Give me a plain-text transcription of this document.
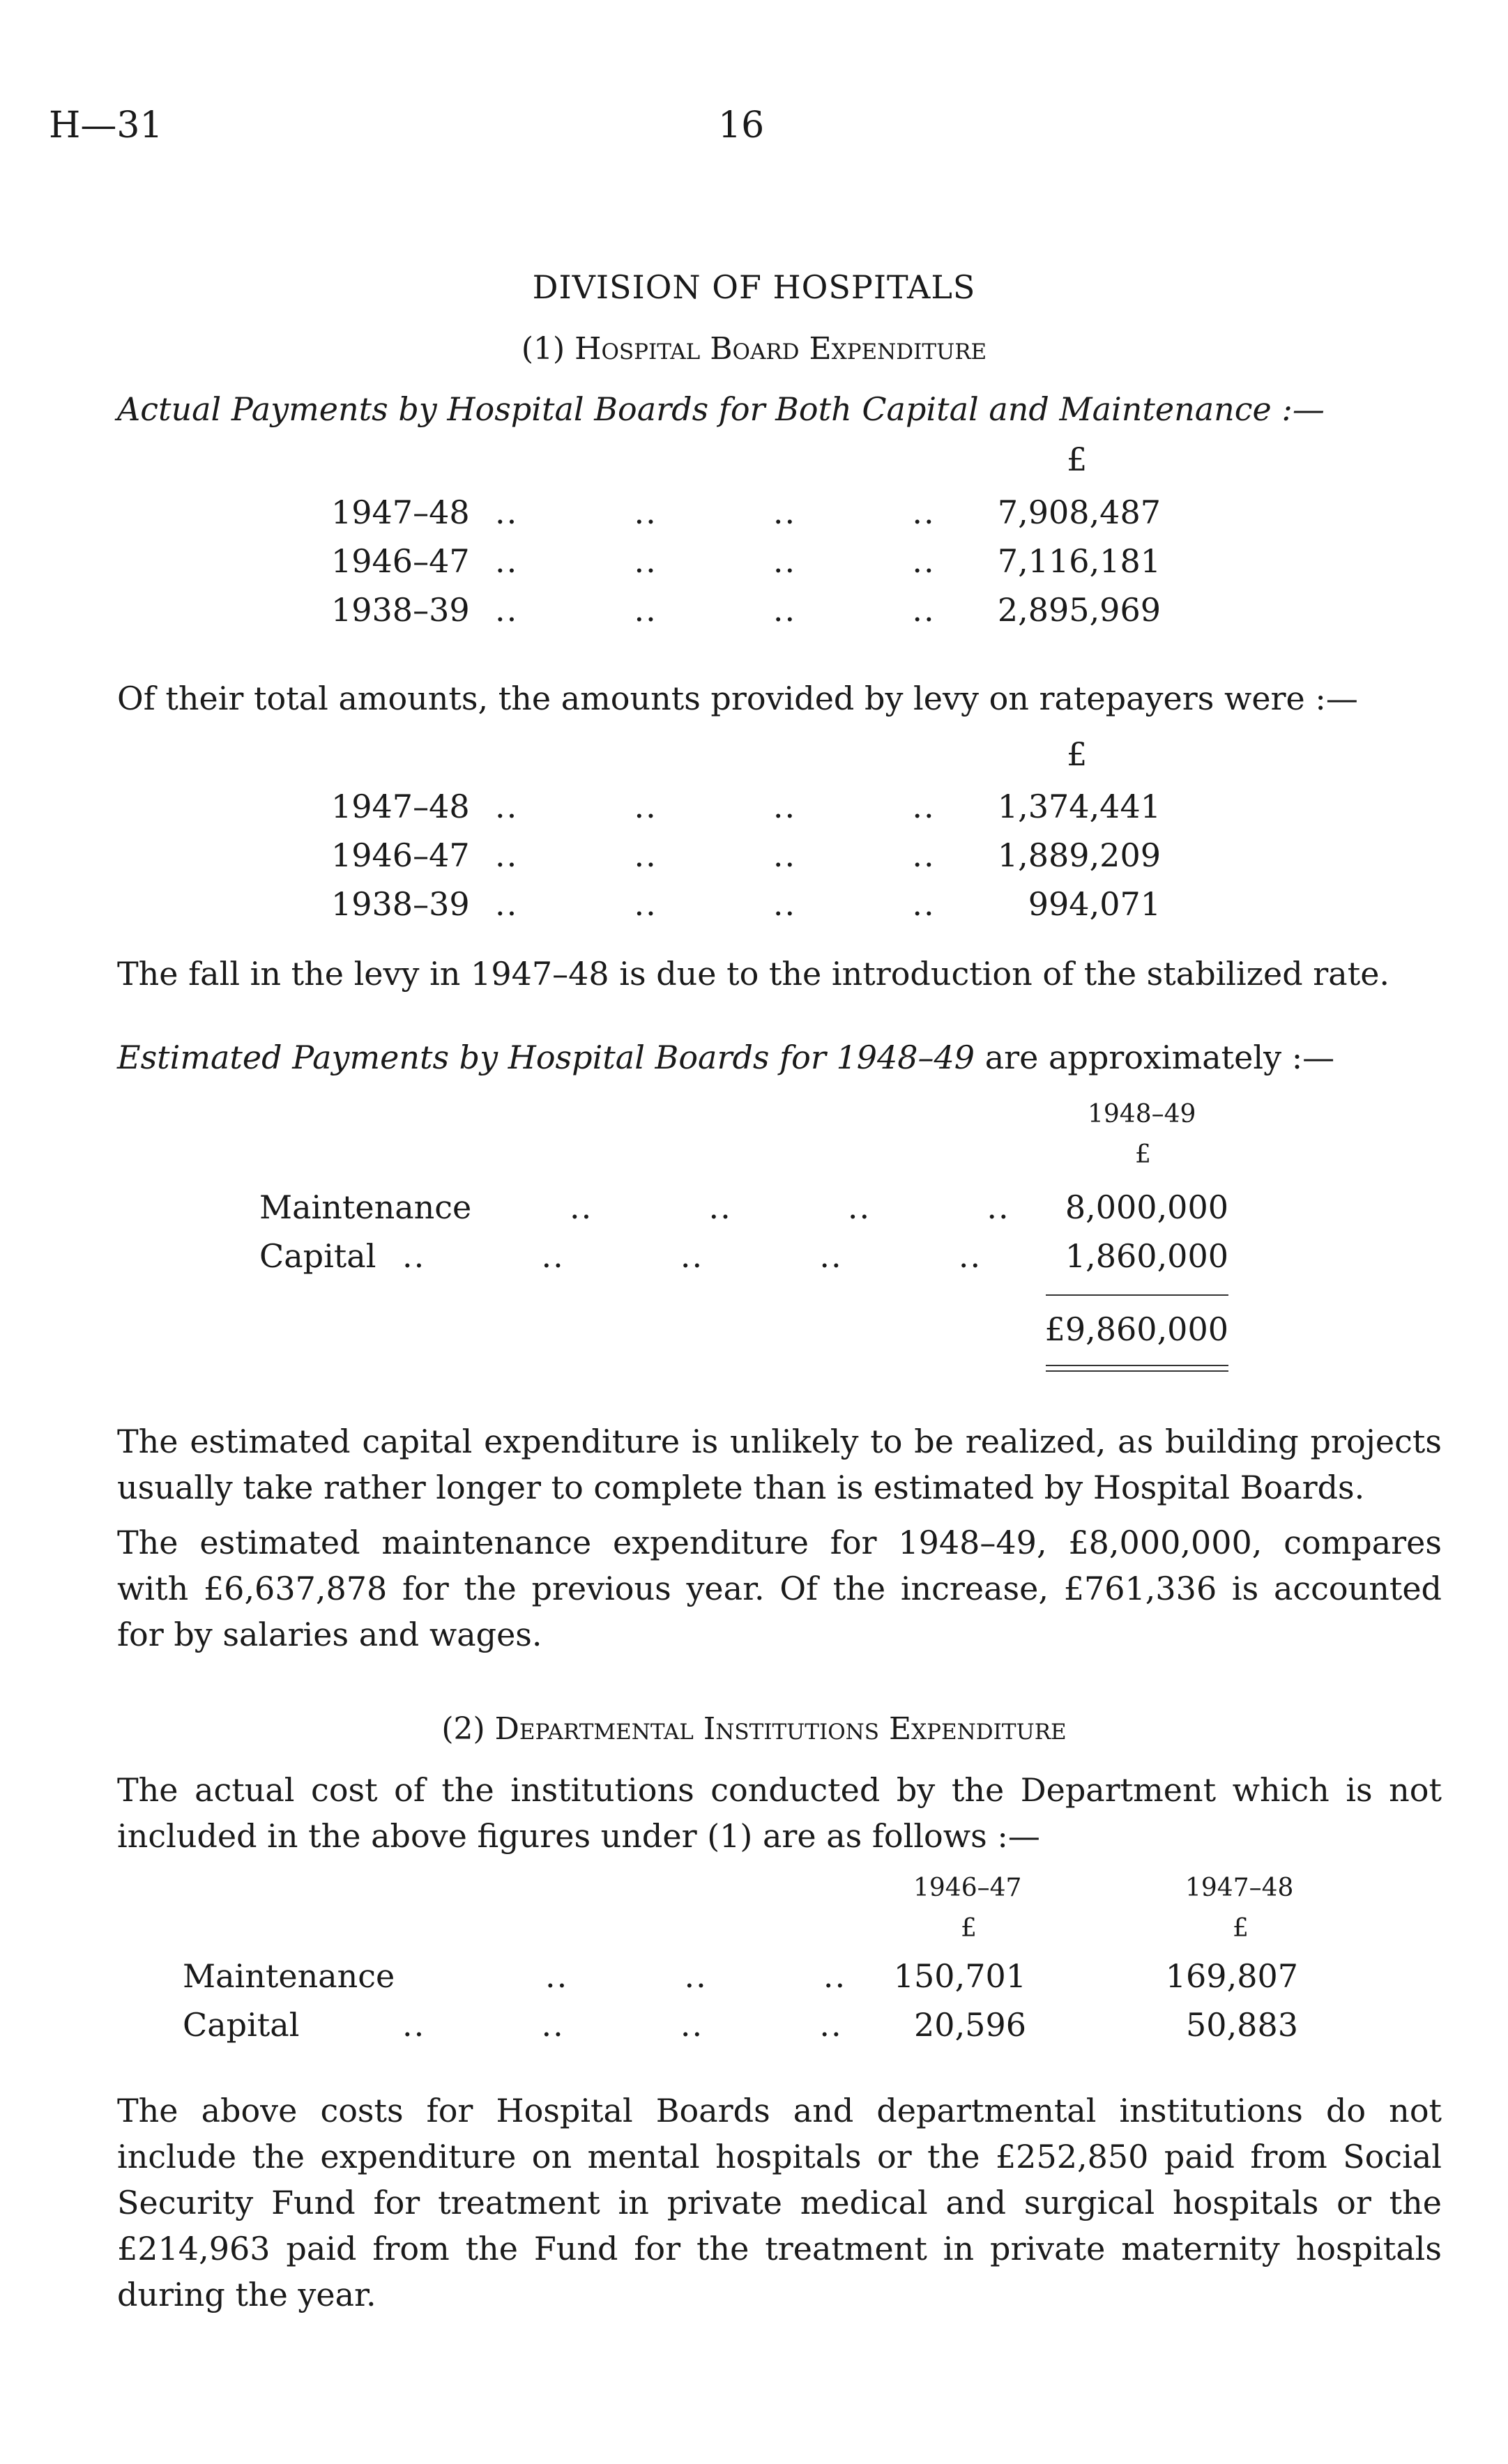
H—31	16
DIVISION OF HOSPITALS
(1) Hospital Board Expenditure
Actual Payments by Hospital Boards for Both Capital and Maintenance :—
£
1947–48 ..          ..          ..          .. 7,908,487
1946–47 ..          ..          ..          .. 7,116,181
1938–39 ..          ..          ..          .. 2,895,969
Of their total amounts, the amounts provided by levy on ratepayers were :—
£
1947–48 ..          ..          ..          .. 1,374,441
1946–47 ..          ..          ..          .. 1,889,209
1938–39 ..          ..          ..          ..	994,071
The fall in the levy in 1947–48 is due to the introduction of the stabilized rate.
Estimated Payments by Hospital Boards for 1948–49 are approximately :—
1948–49
£
Maintenance	..          ..          ..          .. 8,000,000
Capital ..          ..          ..          ..          ..	1,860,000
£9,860,000
The estimated capital expenditure is unlikely to be realized, as building projects usually take rather longer to complete than is estimated by Hospital Boards.
The estimated maintenance expenditure for 1948–49, £8,000,000, compares with £6,637,878 for the previous year. Of the increase, £761,336 is accounted for by salaries and wages.
(2) Departmental Institutions Expenditure
The actual cost of the institutions conducted by the Department which is not included in the above figures under (1) are as follows :—
1946–47	1947–48
£	£
Maintenance	..          ..          ..	150,701	169,807
Capital	..          ..          ..          ..	20,596	50,883
The above costs for Hospital Boards and departmental institutions do not include the expenditure on mental hospitals or the £252,850 paid from Social Security Fund for treatment in private medical and surgical hospitals or the £214,963 paid from the Fund for the treatment in private maternity hospitals during the year.
